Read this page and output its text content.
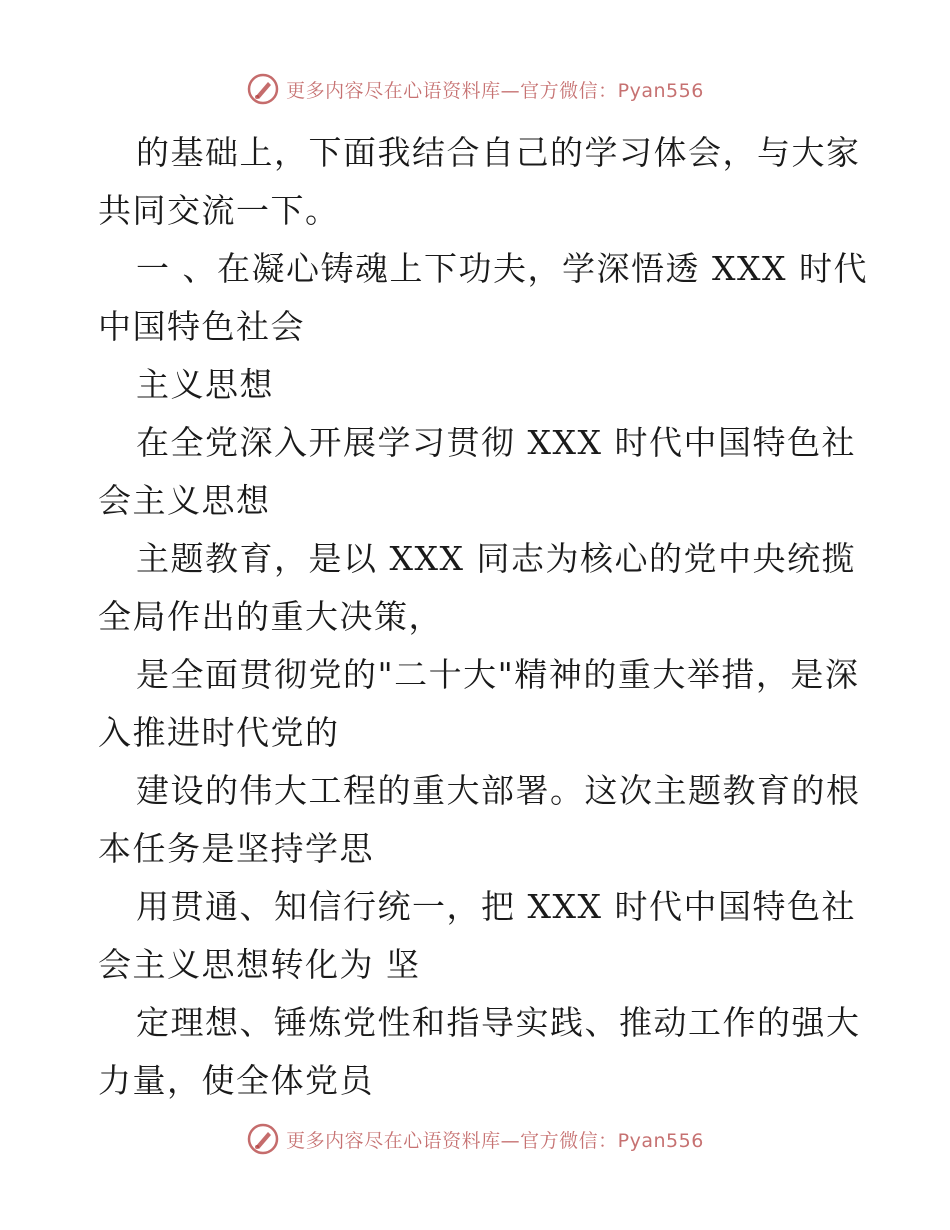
更多内容尽在心语资料库—官方微信：Pyan556
的基础上，下面我结合自己的学习体会，与大家
共同交流一下。
一 、在凝心铸魂上下功夫，学深悟透 XXX 时代
中国特色社会
主义思想
在全党深入开展学习贯彻 XXX 时代中国特色社
会主义思想
主题教育，是以 XXX 同志为核心的党中央统揽
全局作出的重大决策，
是全面贯彻党的"二十大"精神的重大举措，是深
入推进时代党的
建设的伟大工程的重大部署。这次主题教育的根
本任务是坚持学思
用贯通、知信行统一，把 XXX 时代中国特色社
会主义思想转化为 坚
定理想、锤炼党性和指导实践、推动工作的强大
力量，使全体党员
更多内容尽在心语资料库—官方微信：Pyan556
